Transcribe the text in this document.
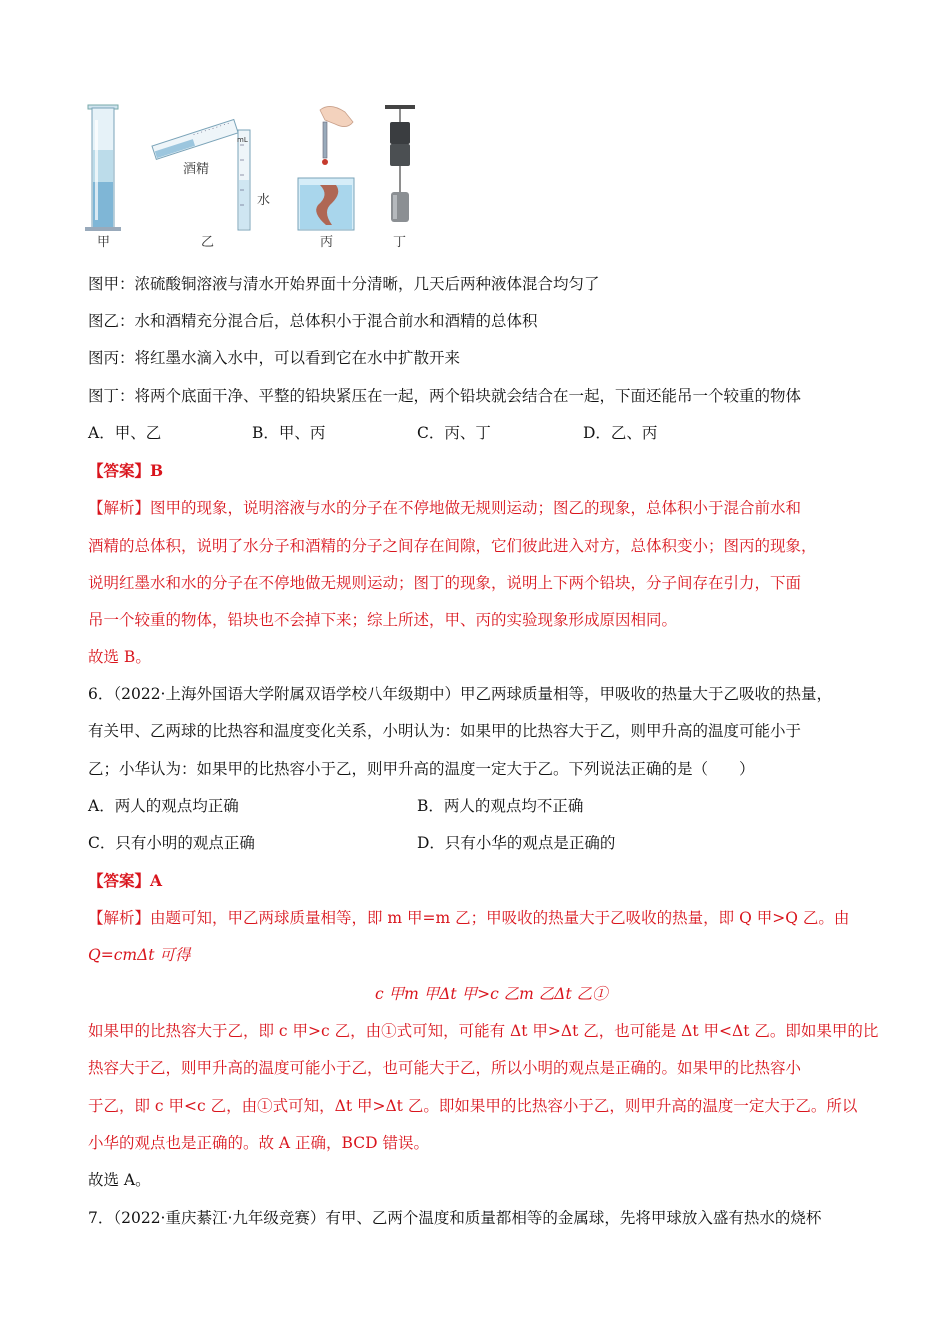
甲
mL
酒精
水
乙	丙	丁
图甲：浓硫酸铜溶液与清水开始界面十分清晰，几天后两种液体混合均匀了
图乙：水和酒精充分混合后，总体积小于混合前水和酒精的总体积
图丙：将红墨水滴入水中，可以看到它在水中扩散开来
图丁：将两个底面干净、平整的铅块紧压在一起，两个铅块就会结合在一起，下面还能吊一个较重的物体
A．甲、乙	B．甲、丙	C．丙、丁	D．乙、丙
【答案】B
【解析】图甲的现象，说明溶液与水的分子在不停地做无规则运动；图乙的现象，总体积小于混合前水和
酒精的总体积，说明了水分子和酒精的分子之间存在间隙，它们彼此进入对方，总体积变小；图丙的现象，
说明红墨水和水的分子在不停地做无规则运动；图丁的现象，说明上下两个铅块，分子间存在引力，下面
吊一个较重的物体，铅块也不会掉下来；综上所述，甲、丙的实验现象形成原因相同。
故选 B。
6．（2022·上海外国语大学附属双语学校八年级期中）甲乙两球质量相等，甲吸收的热量大于乙吸收的热量，
有关甲、乙两球的比热容和温度变化关系，小明认为：如果甲的比热容大于乙，则甲升高的温度可能小于
乙；小华认为：如果甲的比热容小于乙，则甲升高的温度一定大于乙。下列说法正确的是（　　）
A．两人的观点均正确	B．两人的观点均不正确
C．只有小明的观点正确	D．只有小华的观点是正确的
【答案】A
【解析】由题可知，甲乙两球质量相等，即 m 甲=m 乙；甲吸收的热量大于乙吸收的热量，即 Q 甲>Q 乙。由
Q=cmΔt 可得
c 甲m 甲Δt 甲>c 乙m 乙Δt 乙①
如果甲的比热容大于乙，即 c 甲>c 乙，由①式可知，可能有 Δt 甲>Δt 乙，也可能是 Δt 甲<Δt 乙。即如果甲的比
热容大于乙，则甲升高的温度可能小于乙，也可能大于乙，所以小明的观点是正确的。如果甲的比热容小
于乙，即 c 甲<c 乙，由①式可知，Δt 甲>Δt 乙。即如果甲的比热容小于乙，则甲升高的温度一定大于乙。所以
小华的观点也是正确的。故 A 正确，BCD 错误。
故选 A。
7．（2022·重庆綦江·九年级竞赛）有甲、乙两个温度和质量都相等的金属球，先将甲球放入盛有热水的烧杯
